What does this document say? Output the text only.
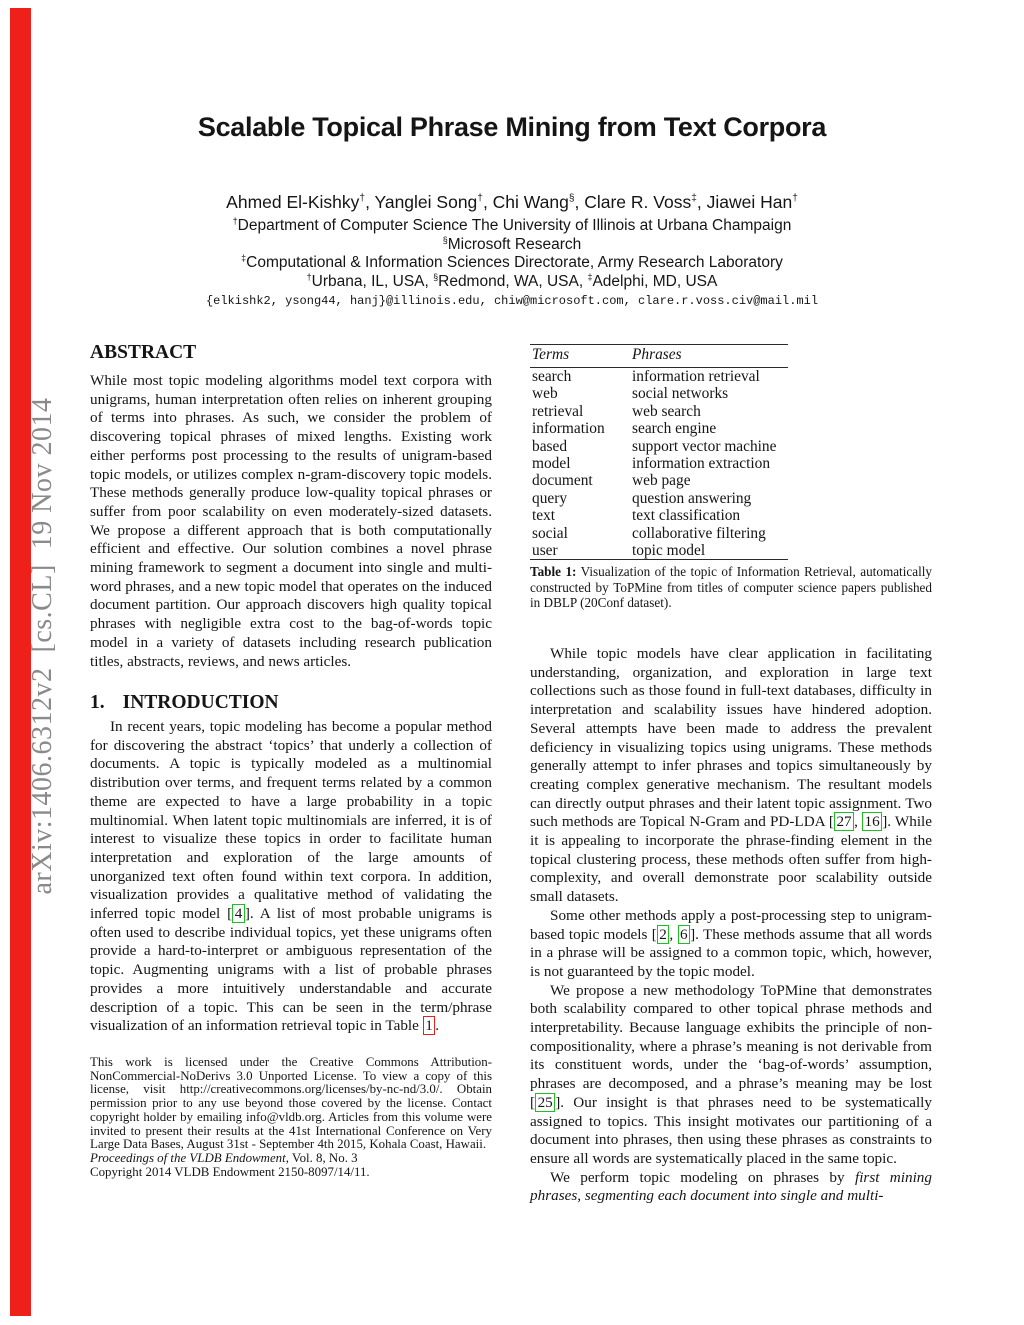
arXiv:1406.6312v2  [cs.CL]  19 Nov 2014
Scalable Topical Phrase Mining from Text Corpora
Ahmed El-Kishky†, Yanglei Song†, Chi Wang§, Clare R. Voss‡, Jiawei Han†
†Department of Computer Science The University of Illinois at Urbana Champaign
§Microsoft Research
‡Computational & Information Sciences Directorate, Army Research Laboratory
†Urbana, IL, USA, §Redmond, WA, USA, ‡Adelphi, MD, USA
{elkishk2, ysong44, hanj}@illinois.edu, chiw@microsoft.com, clare.r.voss.civ@mail.mil
ABSTRACT

While most topic modeling algorithms model text corpora with unigrams, human interpretation often relies on inherent grouping of terms into phrases. As such, we consider the problem of discovering topical phrases of mixed lengths. Existing work either performs post processing to the results of unigram-based topic models, or utilizes complex n-gram-discovery topic models. These methods generally produce low-quality topical phrases or suffer from poor scalability on even moderately-sized datasets. We propose a different approach that is both computationally efficient and effective. Our solution combines a novel phrase mining framework to segment a document into single and multi-word phrases, and a new topic model that operates on the induced document partition. Our approach discovers high quality topical phrases with negligible extra cost to the bag-of-words topic model in a variety of datasets including research publication titles, abstracts, reviews, and news articles.

1. INTRODUCTION

In recent years, topic modeling has become a popular method for discovering the abstract ‘topics’ that underly a collection of documents. A topic is typically modeled as a multinomial distribution over terms, and frequent terms related by a common theme are expected to have a large probability in a topic multinomial. When latent topic multinomials are inferred, it is of interest to visualize these topics in order to facilitate human interpretation and exploration of the large amounts of unorganized text often found within text corpora. In addition, visualization provides a qualitative method of validating the inferred topic model [ 4 ]. A list of most probable unigrams is often used to describe individual topics, yet these unigrams often provide a hard-to-interpret or ambiguous representation of the topic. Augmenting unigrams with a list of probable phrases provides a more intuitively understandable and accurate description of a topic. This can be seen in the term/phrase visualization of an information retrieval topic in Table 1 .

This work is licensed under the Creative Commons Attribution-NonCommercial-NoDerivs 3.0 Unported License. To view a copy of this license, visit http://creativecommons.org/licenses/by-nc-nd/3.0/. Obtain permission prior to any use beyond those covered by the license. Contact copyright holder by emailing info@vldb.org. Articles from this volume were invited to present their results at the 41st International Conference on Very Large Data Bases, August 31st - September 4th 2015, Kohala Coast, Hawaii.

Proceedings of the VLDB Endowment, Vol. 8, No. 3
Copyright 2014 VLDB Endowment 2150-8097/14/11.
Terms	Phrases
search	information retrieval
web	social networks
retrieval	web search
information	search engine
based	support vector machine
model	information extraction
document	web page
query	question answering
text	text classification
social	collaborative filtering
user	topic model
Table 1: Visualization of the topic of Information Retrieval, automatically constructed by ToPMine from titles of computer science papers published in DBLP (20Conf dataset).

While topic models have clear application in facilitating understanding, organization, and exploration in large text collections such as those found in full-text databases, difficulty in interpretation and scalability issues have hindered adoption. Several attempts have been made to address the prevalent deficiency in visualizing topics using unigrams. These methods generally attempt to infer phrases and topics simultaneously by creating complex generative mechanism. The resultant models can directly output phrases and their latent topic assignment. Two such methods are Topical N-Gram and PD-LDA [ 27 , 16 ]. While it is appealing to incorporate the phrase-finding element in the topical clustering process, these methods often suffer from high-complexity, and overall demonstrate poor scalability outside small datasets.

Some other methods apply a post-processing step to unigram-based topic models [ 2 , 6 ]. These methods assume that all words in a phrase will be assigned to a common topic, which, however, is not guaranteed by the topic model.

We propose a new methodology ToPMine that demonstrates both scalability compared to other topical phrase methods and interpretability. Because language exhibits the principle of non-compositionality, where a phrase’s meaning is not derivable from its constituent words, under the ‘bag-of-words’ assumption, phrases are decomposed, and a phrase’s meaning may be lost [ 25 ]. Our insight is that phrases need to be systematically assigned to topics. This insight motivates our partitioning of a document into phrases, then using these phrases as constraints to ensure all words are systematically placed in the same topic.

We perform topic modeling on phrases by first mining phrases, segmenting each document into single and multi-
